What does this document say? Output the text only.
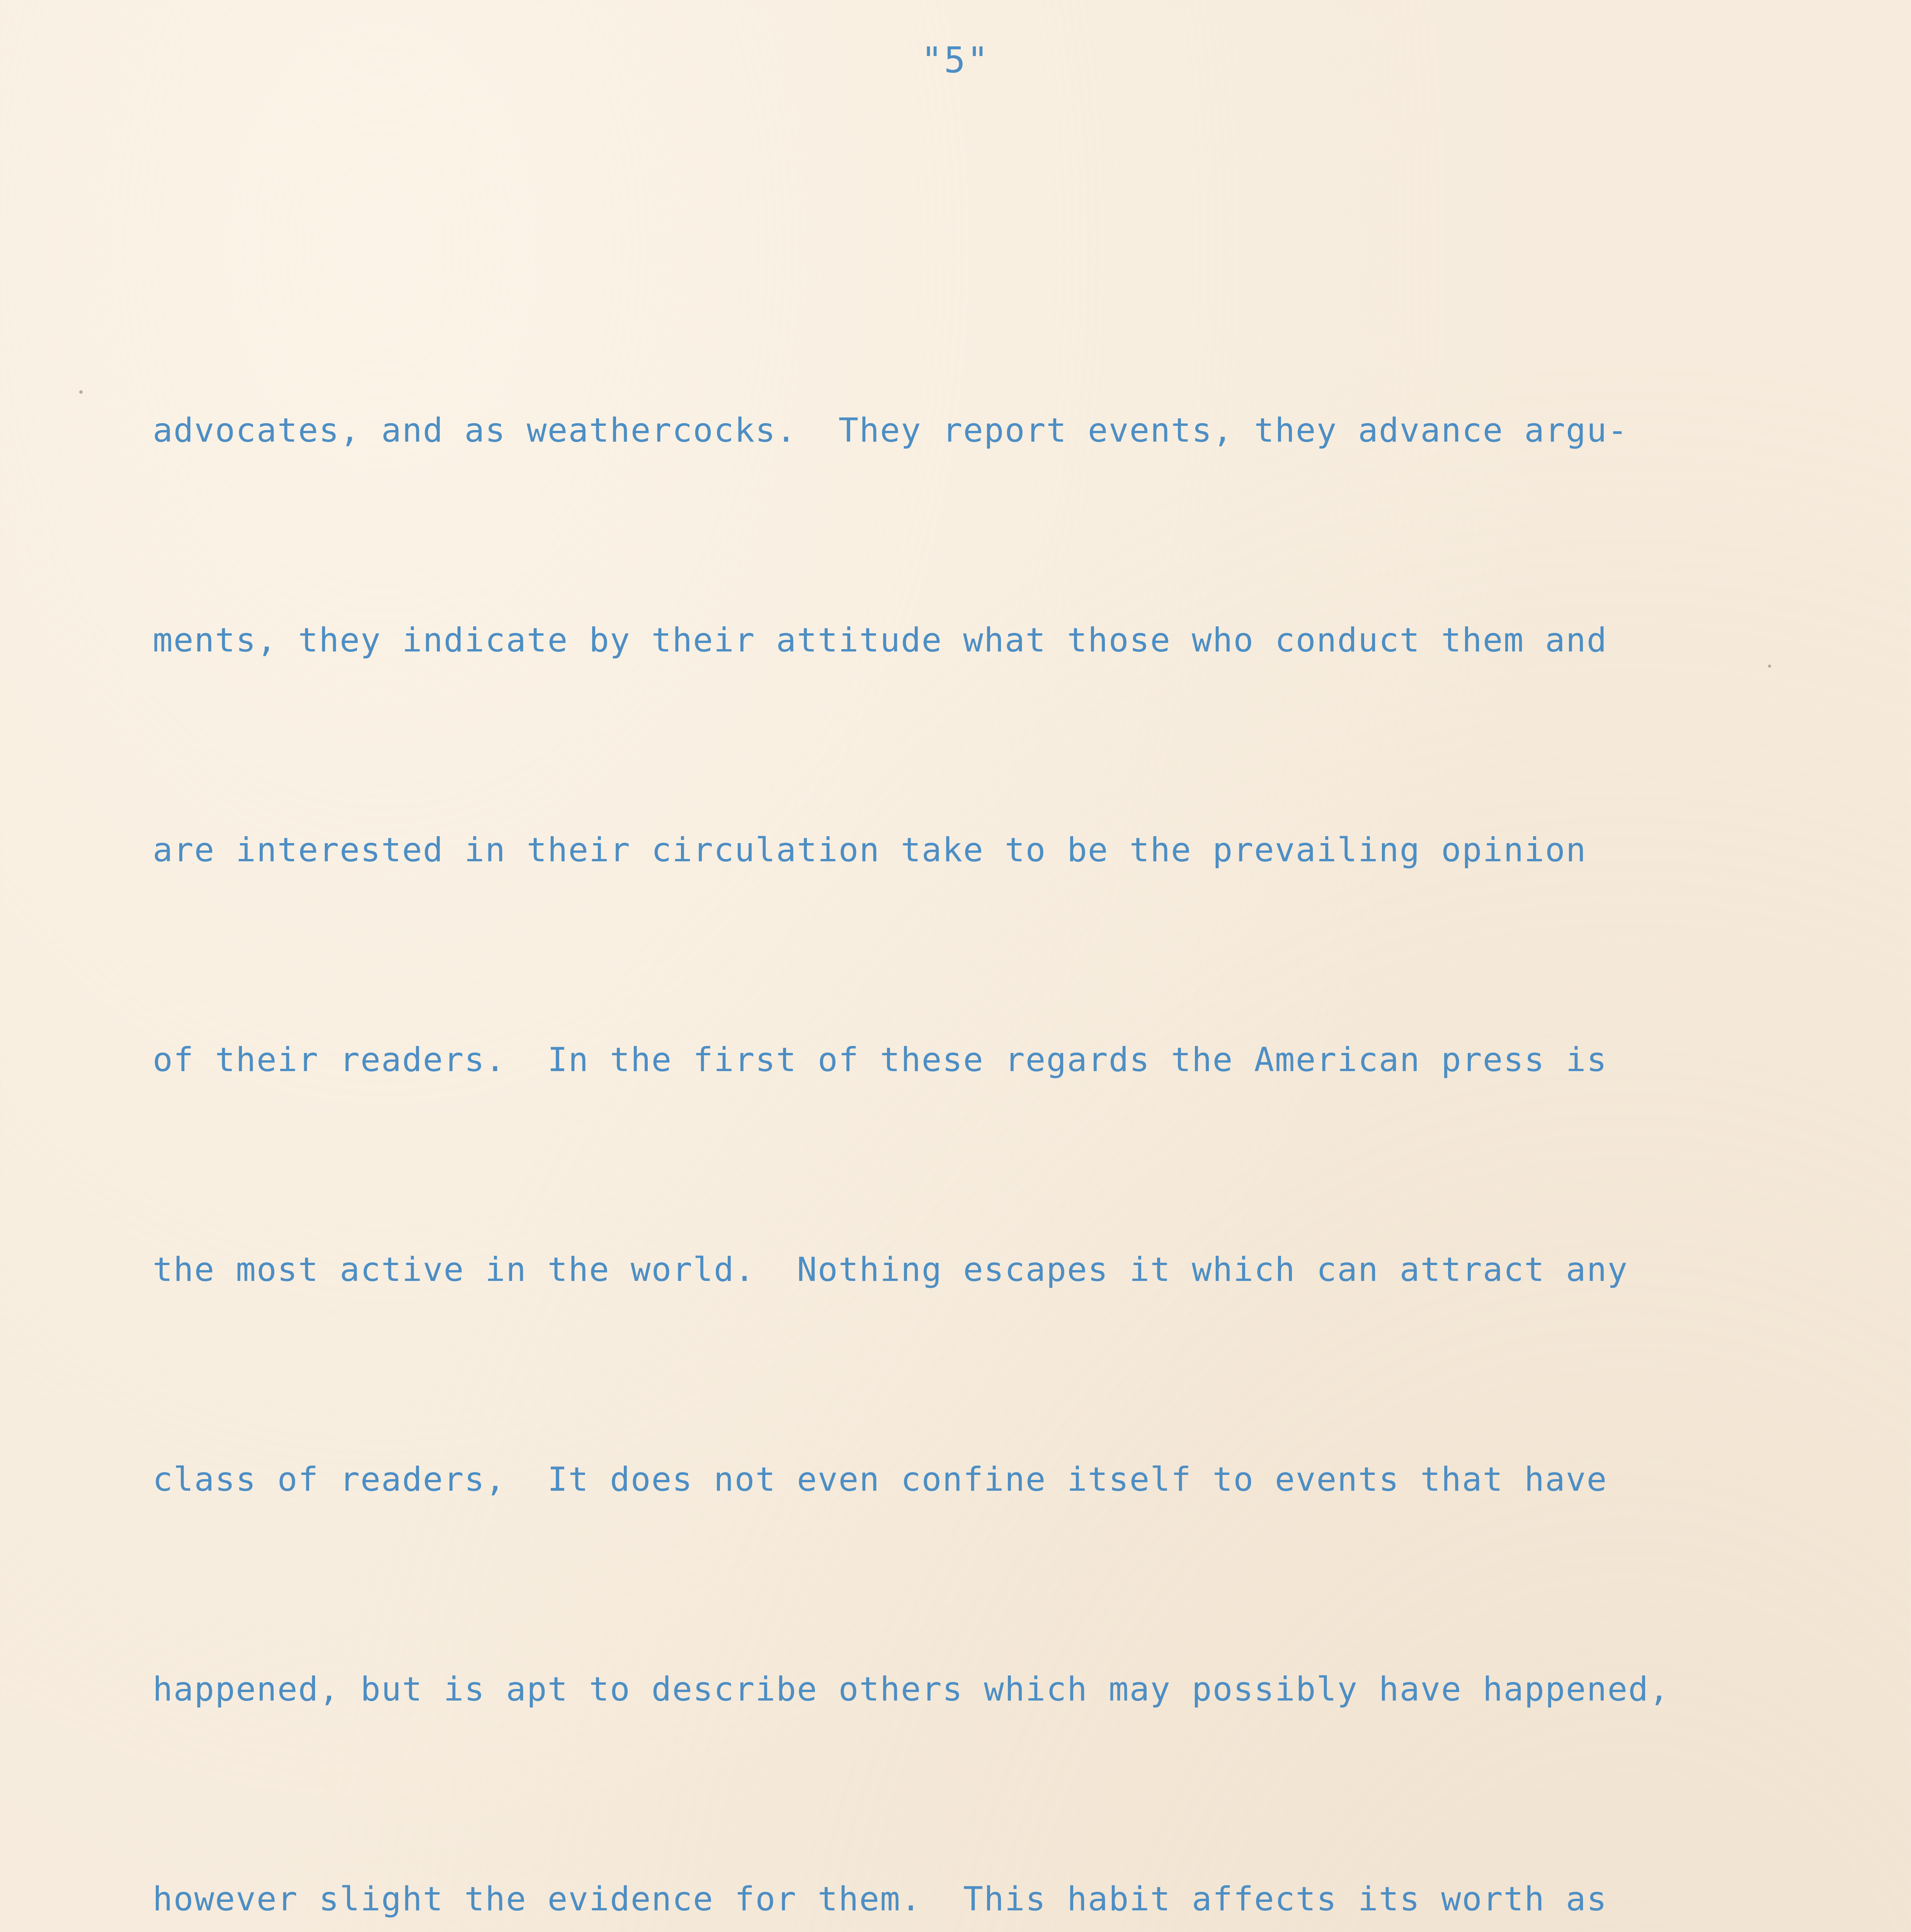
"5"

advocates, and as weathercocks.  They report events, they advance argu-

ments, they indicate by their attitude what those who conduct them and

are interested in their circulation take to be the prevailing opinion

of their readers.  In the first of these regards the American press is

the most active in the world.  Nothing escapes it which can attract any

class of readers,  It does not even confine itself to events that have

happened, but is apt to describe others which may possibly have happened,

however slight the evidence for them.  This habit affects its worth as
